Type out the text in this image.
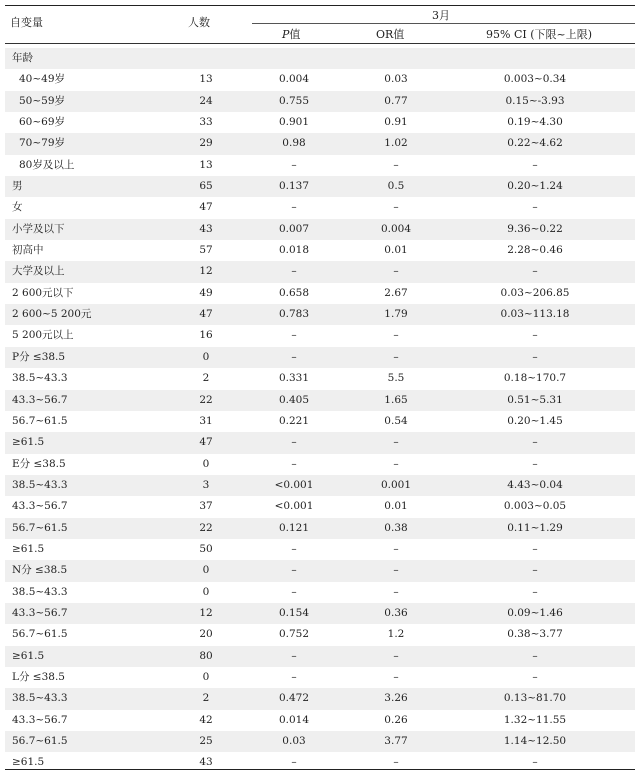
自变量	人数
3月
P值	OR值	95% CI (下限~上限)
年龄
40~49岁	13	0.004	0.03	0.003~0.34
50~59岁	24	0.755	0.77	0.15~-3.93
60~69岁	33	0.901	0.91	0.19~4.30
70~79岁	29	0.98	1.02	0.22~4.62
80岁及以上	13	–	–	–
男	65	0.137	0.5	0.20~1.24
女	47	–	–	–
小学及以下	43	0.007	0.004	9.36~0.22
初高中	57	0.018	0.01	2.28~0.46
大学及以上	12	–	–	–
2 600元以下	49	0.658	2.67	0.03~206.85
2 600~5 200元	47	0.783	1.79	0.03~113.18
5 200元以上	16	–	–	–
P分 ≤38.5	0	–	–	–
38.5~43.3	2	0.331	5.5	0.18~170.7
43.3~56.7	22	0.405	1.65	0.51~5.31
56.7~61.5	31	0.221	0.54	0.20~1.45
≥61.5	47	–	–	–
E分 ≤38.5	0	–	–	–
38.5~43.3	3	<0.001	0.001	4.43~0.04
43.3~56.7	37	<0.001	0.01	0.003~0.05
56.7~61.5	22	0.121	0.38	0.11~1.29
≥61.5	50	–	–	–
N分 ≤38.5	0	–	–	–
38.5~43.3	0	–	–	–
43.3~56.7	12	0.154	0.36	0.09~1.46
56.7~61.5	20	0.752	1.2	0.38~3.77
≥61.5	80	–	–	–
L分 ≤38.5	0	–	–	–
38.5~43.3	2	0.472	3.26	0.13~81.70
43.3~56.7	42	0.014	0.26	1.32~11.55
56.7~61.5	25	0.03	3.77	1.14~12.50
≥61.5	43	–	–	–
